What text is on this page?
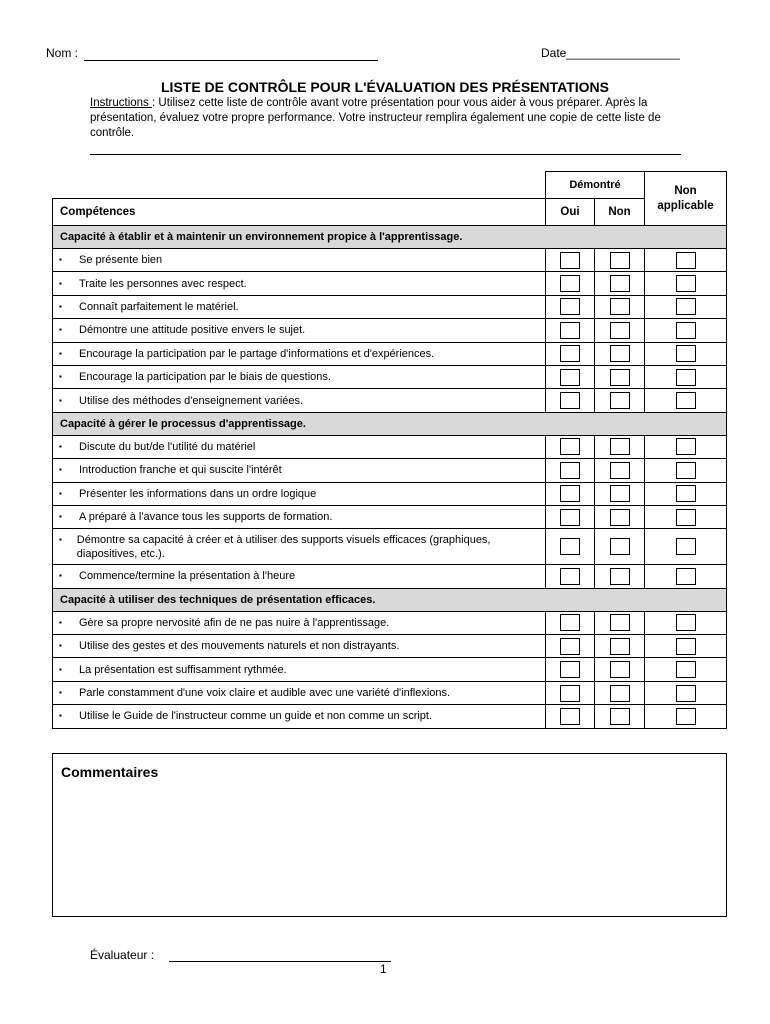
Nom :	Date_________________
LISTE DE CONTRÔLE POUR L'ÉVALUATION DES PRÉSENTATIONS
Instructions : Utilisez cette liste de contrôle avant votre présentation pour vous aider à vous préparer. Après la présentation, évaluez votre propre performance. Votre instructeur remplira également une copie de cette liste de contrôle.
	Démontré		Non applicable
Compétences	Oui	Non	
Capacité à établir et à maintenir un environnement propice à l'apprentissage.			

▪ Se présente bien			

▪ Traite les personnes avec respect.			

▪ Connaît parfaitement le matériel.			

▪ Démontre une attitude positive envers le sujet.			

▪ Encourage la participation par le partage d'informations et d'expériences.			

▪ Encourage la participation par le biais de questions.			

▪ Utilise des méthodes d'enseignement variées.			

Capacité à gérer le processus d'apprentissage.			

▪ Discute du but/de l'utilité du matériel			

▪ Introduction franche et qui suscite l'intérêt			

▪ Présenter les informations dans un ordre logique			

▪ A préparé à l'avance tous les supports de formation.			

▪ Démontre sa capacité à créer et à utiliser des supports visuels efficaces (graphiques, diapositives, etc.).			

▪ Commence/termine la présentation à l'heure			

Capacité à utiliser des techniques de présentation efficaces.			

▪ Gère sa propre nervosité afin de ne pas nuire à l'apprentissage.			

▪ Utilise des gestes et des mouvements naturels et non distrayants.			

▪ La présentation est suffisamment rythmée.			

▪ Parle constamment d'une voix claire et audible avec une variété d'inflexions.			

▪ Utilise le Guide de l'instructeur comme un guide et non comme un script.			

Commentaires
Évaluateur :
1
